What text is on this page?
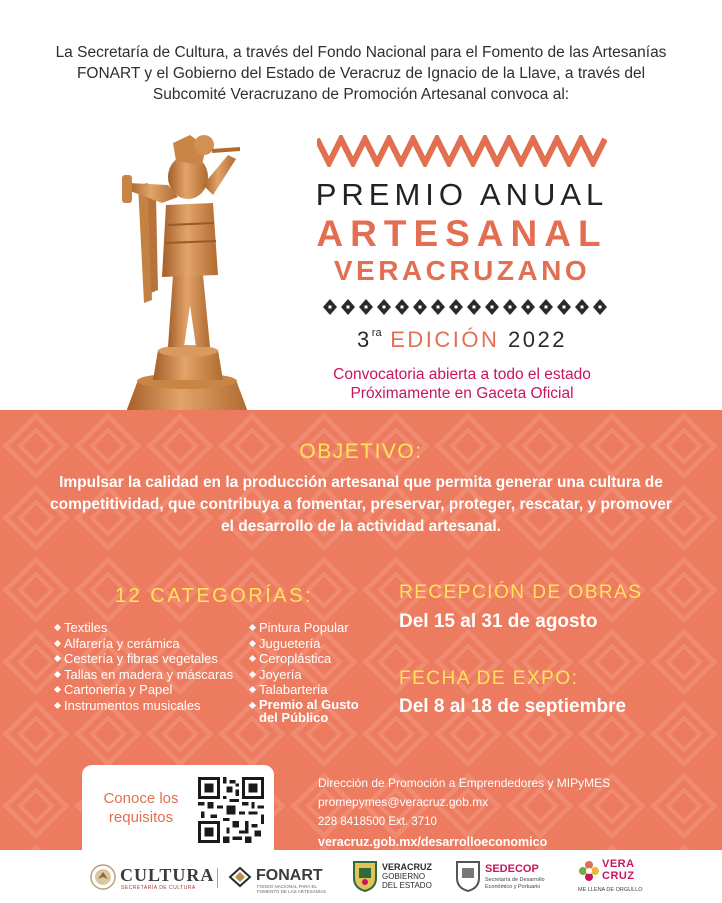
La Secretaría de Cultura, a través del Fondo Nacional para el Fomento de las Artesanías FONART y el Gobierno del Estado de Veracruz de Ignacio de la Llave, a través del Subcomité Veracruzano de Promoción Artesanal convoca al:

PREMIO ANUAL
ARTESANAL
VERACRUZANO
$3^{ra}$ EDICIÓN 2022
Convocatoria abierta a todo el estado
Próximamente en Gaceta Oficial
OBJETIVO:

Impulsar la calidad en la producción artesanal que permita generar una cultura de competitividad, que contribuya a fomentar, preservar, proteger, rescatar, y promover el desarrollo de la actividad artesanal.

12 CATEGORÍAS:
Textiles
Alfarería y cerámica
Cestería y fibras vegetales
Tallas en madera y máscaras
Cartonería y Papel
Instrumentos musicales
Pintura Popular
Juguetería
Ceroplástica
Joyería
Talabartería
Premio al Gusto
del Público
RECEPCIÓN DE OBRAS
Del 15 al 31 de agosto
FECHA DE EXPO:
Del 8 al 18 de septiembre
Conoce los requisitos
Dirección de Promoción a Emprendedores y MIPyMES
promepymes@veracruz.gob.mx
228 8418500 Ext. 3710
veracruz.gob.mx/desarrolloeconomico
CULTURA
SECRETARÍA DE CULTURA
FONART
FONDO NACIONAL PARA EL FOMENTO DE LAS ARTESANÍAS
VERACRUZ
GOBIERNO
DEL ESTADO
SEDECOP
Secretaría de Desarrollo Económico y Portuario
VERA
CRUZ
ME LLENA DE ORGULLO
